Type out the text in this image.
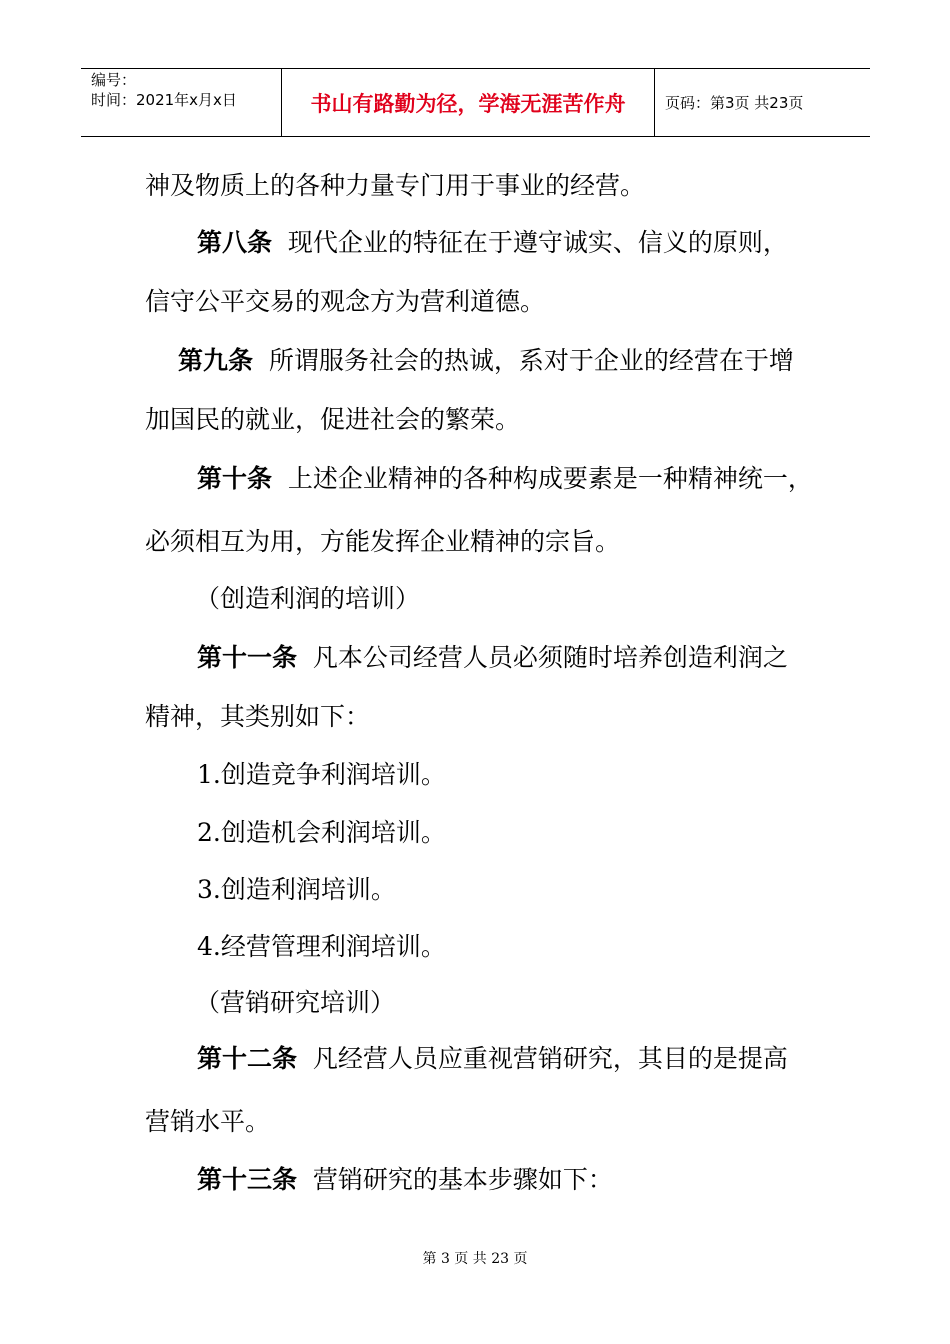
编号：
时间：2021年x月x日	书山有路勤为径，学海无涯苦作舟	页码：第3页 共23页
神及物质上的各种力量专门用于事业的经营。
第八条 现代企业的特征在于遵守诚实、信义的原则，
信守公平交易的观念方为营利道德。
第九条 所谓服务社会的热诚，系对于企业的经营在于增
加国民的就业，促进社会的繁荣。
第十条 上述企业精神的各种构成要素是一种精神统一，
必须相互为用，方能发挥企业精神的宗旨。
（创造利润的培训）
第十一条 凡本公司经营人员必须随时培养创造利润之
精神，其类别如下：
1.创造竞争利润培训。
2.创造机会利润培训。
3.创造利润培训。
4.经营管理利润培训。
（营销研究培训）
第十二条 凡经营人员应重视营销研究，其目的是提高
营销水平。
第十三条 营销研究的基本步骤如下：
第 3 页 共 23 页
